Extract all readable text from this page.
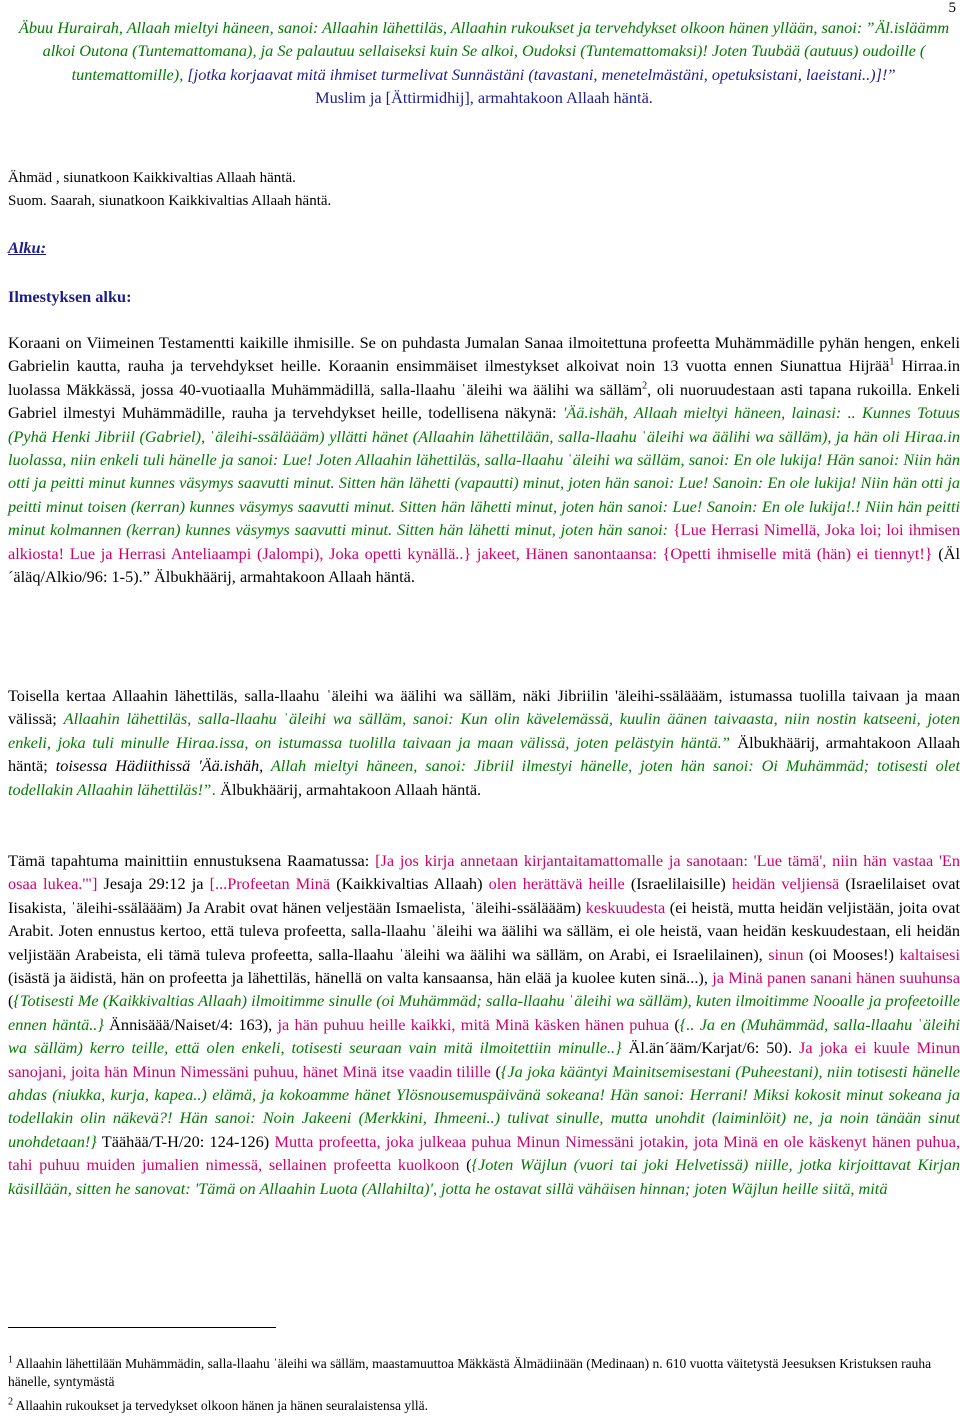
5

Äbuu Hurairah, Allaah mieltyi häneen, sanoi: Allaahin lähettiläs, Allaahin rukoukset ja tervehdykset olkoon hänen yllään, sanoi: ˮÄl.isläämm alkoi Outona (Tuntemattomana), ja Se palautuu sellaiseksi kuin Se alkoi, Oudoksi (Tuntemattomaksi)! Joten Tuubää (autuus) oudoille ( tuntemattomille), [jotka korjaavat mitä ihmiset turmelivat Sunnästäni (tavastani, menetelmästäni, opetuksistani, laeistani..)]!ˮ
Muslim ja [Ättirmidhij], armahtakoon Allaah häntä.

Ähmäd , siunatkoon Kaikkivaltias Allaah häntä.

Suom. Saarah, siunatkoon Kaikkivaltias Allaah häntä.

Alku:

Ilmestyksen alku:

Koraani on Viimeinen Testamentti kaikille ihmisille. Se on puhdasta Jumalan Sanaa ilmoitettuna profeetta Muhämmädille pyhän hengen, enkeli Gabrielin kautta, rauha ja tervehdykset heille. Koraanin ensimmäiset ilmestykset alkoivat noin 13 vuotta ennen Siunattua Hijrää$^1$ Hirraa.in luolassa Mäkkässä, jossa 40-vuotiaalla Muhämmädillä, salla-llaahu ˈäleihi wa äälihi wa sälläm$^2$, oli nuoruudestaan asti tapana rukoilla. Enkeli Gabriel ilmestyi Muhämmädille, rauha ja tervehdykset heille, todellisena näkynä: 'Ää.ishäh, Allaah mieltyi häneen, lainasi: .. Kunnes Totuus (Pyhä Henki Jibriil (Gabriel), ˈäleihi-ssäläääm) yllätti hänet (Allaahin lähettilään, salla-llaahu ˈäleihi wa äälihi wa sälläm), ja hän oli Hiraa.in luolassa, niin enkeli tuli hänelle ja sanoi: Lue! Joten Allaahin lähettiläs, salla-llaahu ˈäleihi wa sälläm, sanoi: En ole lukija! Hän sanoi: Niin hän otti ja peitti minut kunnes väsymys saavutti minut. Sitten hän lähetti (vapautti) minut, joten hän sanoi: Lue! Sanoin: En ole lukija! Niin hän otti ja peitti minut toisen (kerran) kunnes väsymys saavutti minut. Sitten hän lähetti minut, joten hän sanoi: Lue! Sanoin: En ole lukija!.! Niin hän peitti minut kolmannen (kerran) kunnes väsymys saavutti minut. Sitten hän lähetti minut, joten hän sanoi: {Lue Herrasi Nimellä, Joka loi; loi ihmisen alkiosta! Lue ja Herrasi Anteliaampi (Jalompi), Joka opetti kynällä..} jakeet, Hänen sanontaansa: {Opetti ihmiselle mitä (hän) ei tiennyt!} (Äl´äläq/Alkio/96: 1-5).ˮ Älbukhäärij, armahtakoon Allaah häntä.

Toisella kertaa Allaahin lähettiläs, salla-llaahu ˈäleihi wa äälihi wa sälläm, näki Jibriilin 'äleihi-ssäläääm, istumassa tuolilla taivaan ja maan välissä; Allaahin lähettiläs, salla-llaahu ˈäleihi wa sälläm, sanoi: Kun olin kävelemässä, kuulin äänen taivaasta, niin nostin katseeni, joten enkeli, joka tuli minulle Hiraa.issa, on istumassa tuolilla taivaan ja maan välissä, joten pelästyin häntä.ˮ Älbukhäärij, armahtakoon Allaah häntä; toisessa Hädiithissä 'Ää.ishäh, Allah mieltyi häneen, sanoi: Jibriil ilmestyi hänelle, joten hän sanoi: Oi Muhämmäd; totisesti olet todellakin Allaahin lähettiläs!ˮ. Älbukhäärij, armahtakoon Allaah häntä.

Tämä tapahtuma mainittiin ennustuksena Raamatussa: [Ja jos kirja annetaan kirjantaitamattomalle ja sanotaan: 'Lue tämä', niin hän vastaa 'En osaa lukea.'"] Jesaja 29:12 ja [...Profeetan Minä (Kaikkivaltias Allaah) olen herättävä heille (Israelilaisille) heidän veljiensä (Israelilaiset ovat Iisakista, ˈäleihi-ssäläääm) Ja Arabit ovat hänen veljestään Ismaelista, ˈäleihi-ssäläääm) keskuudesta (ei heistä, mutta heidän veljistään, joita ovat Arabit. Joten ennustus kertoo, että tuleva profeetta, salla-llaahu ˈäleihi wa äälihi wa sälläm, ei ole heistä, vaan heidän keskuudestaan, eli heidän veljistään Arabeista, eli tämä tuleva profeetta, salla-llaahu ˈäleihi wa äälihi wa sälläm, on Arabi, ei Israelilainen), sinun (oi Mooses!) kaltaisesi (isästä ja äidistä, hän on profeetta ja lähettiläs, hänellä on valta kansaansa, hän elää ja kuolee kuten sinä...), ja Minä panen sanani hänen suuhunsa ({Totisesti Me (Kaikkivaltias Allaah) ilmoitimme sinulle (oi Muhämmäd; salla-llaahu ˈäleihi wa sälläm), kuten ilmoitimme Nooalle ja profeetoille ennen häntä..} Ännisäää/Naiset/4: 163), ja hän puhuu heille kaikki, mitä Minä käsken hänen puhua ({.. Ja en (Muhämmäd, salla-llaahu ˈäleihi wa sälläm) kerro teille, että olen enkeli, totisesti seuraan vain mitä ilmoitettiin minulle..} Äl.än´ääm/Karjat/6: 50). Ja joka ei kuule Minun sanojani, joita hän Minun Nimessäni puhuu, hänet Minä itse vaadin tilille ({Ja joka kääntyi Mainitsemisestani (Puheestani), niin totisesti hänelle ahdas (niukka, kurja, kapea..) elämä, ja kokoamme hänet Ylösnousemuspäivänä sokeana! Hän sanoi: Herrani! Miksi kokosit minut sokeana ja todellakin olin näkevä?! Hän sanoi: Noin Jakeeni (Merkkini, Ihmeeni..) tulivat sinulle, mutta unohdit (laiminlöit) ne, ja noin tänään sinut unohdetaan!} Täähää/T-H/20: 124-126) Mutta profeetta, joka julkeaa puhua Minun Nimessäni jotakin, jota Minä en ole käskenyt hänen puhua, tahi puhuu muiden jumalien nimessä, sellainen profeetta kuolkoon ({Joten Wäjlun (vuori tai joki Helvetissä) niille, jotka kirjoittavat Kirjan käsillään, sitten he sanovat: 'Tämä on Allaahin Luota (Allahilta)', jotta he ostavat sillä vähäisen hinnan; joten Wäjlun heille siitä, mitä

$^1$ Allaahin lähettilään Muhämmädin, salla-llaahu ˈäleihi wa sälläm, maastamuuttoa Mäkkästä Älmädiinään (Medinaan) n. 610 vuotta väitetystä Jeesuksen Kristuksen rauha hänelle, syntymästä

$^2$ Allaahin rukoukset ja tervedykset olkoon hänen ja hänen seuralaistensa yllä.
